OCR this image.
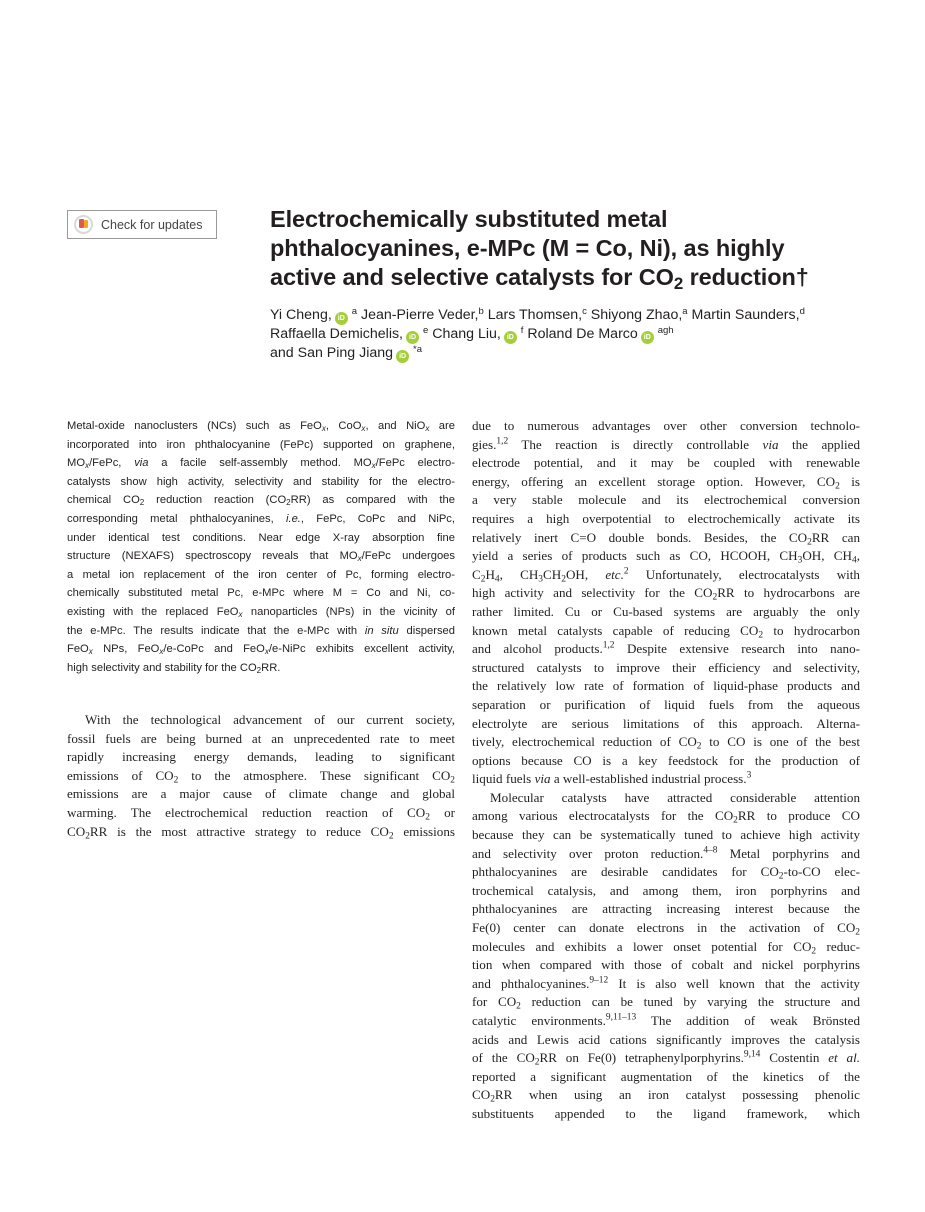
Check for updates	Electrochemically substituted metal
phthalocyanines, e-MPc (M = Co, Ni), as highly
active and selective catalysts for $CO_2$ reduction†
Yi Cheng, iD $^a$ Jean-Pierre Veder,$^b$ Lars Thomsen,$^c$ Shiyong Zhao,$^a$ Martin Saunders,$^d$
Raffaella Demichelis, iD $^e$ Chang Liu, iD $^f$ Roland De Marco iD $^{agh}$
and San Ping Jiang iD $^{*a}$
Metal-oxide nanoclusters (NCs) such as FeO$_x$, CoO$_x$, and NiO$_x$ are
incorporated into iron phthalocyanine (FePc) supported on graphene,
$MO_x$/FePc, via a facile self-assembly method. $MO_x$/FePc electro-
catalysts show high activity, selectivity and stability for the electro-
chemical $CO_2$ reduction reaction $(CO_2RR)$ as compared with the
corresponding metal phthalocyanines, i.e., FePc, CoPc and NiPc,
under identical test conditions. Near edge X-ray absorption fine
structure (NEXAFS) spectroscopy reveals that $MO_x$/FePc undergoes
a metal ion replacement of the iron center of Pc, forming electro-
chemically substituted metal Pc, e-MPc where M = Co and Ni, co-
existing with the replaced FeO$_x$ nanoparticles (NPs) in the vicinity of
the e-MPc. The results indicate that the e-MPc with in situ dispersed
FeO$_x$ NPs, FeO$_x$/e-CoPc and FeO$_x$/e-NiPc exhibits excellent activity,
high selectivity and stability for the $CO_2RR$.
With the technological advancement of our current society,
fossil fuels are being burned at an unprecedented rate to meet
rapidly increasing energy demands, leading to significant
emissions of $CO_2$ to the atmosphere. These significant $CO_2$
emissions are a major cause of climate change and global
warming. The electrochemical reduction reaction of $CO_2$ or
$CO_2RR$ is the most attractive strategy to reduce $CO_2$ emissions
due to numerous advantages over other conversion technolo-
gies.$^{1,2}$ The reaction is directly controllable via the applied
electrode potential, and it may be coupled with renewable
energy, offering an excellent storage option. However, $CO_2$ is
a very stable molecule and its electrochemical conversion
requires a high overpotential to electrochemically activate its
relatively inert C=O double bonds. Besides, the $CO_2RR$ can
yield a series of products such as CO, HCOOH, $CH_3OH$, $CH_4$,
$C_2H_4$, $CH_3CH_2OH$, etc.$^2$ Unfortunately, electrocatalysts with
high activity and selectivity for the $CO_2RR$ to hydrocarbons are
rather limited. Cu or Cu-based systems are arguably the only
known metal catalysts capable of reducing $CO_2$ to hydrocarbon
and alcohol products.$^{1,2}$ Despite extensive research into nano-
structured catalysts to improve their efficiency and selectivity,
the relatively low rate of formation of liquid-phase products and
separation or purification of liquid fuels from the aqueous
electrolyte are serious limitations of this approach. Alterna-
tively, electrochemical reduction of $CO_2$ to CO is one of the best
options because CO is a key feedstock for the production of
liquid fuels via a well-established industrial process.$^3$
Molecular catalysts have attracted considerable attention
among various electrocatalysts for the $CO_2RR$ to produce CO
because they can be systematically tuned to achieve high activity
and selectivity over proton reduction.$^{4-8}$ Metal porphyrins and
phthalocyanines are desirable candidates for $CO_2-to-CO$ elec-
trochemical catalysis, and among them, iron porphyrins and
phthalocyanines are attracting increasing interest because the
Fe(0) center can donate electrons in the activation of $CO_2$
molecules and exhibits a lower onset potential for $CO_2$ reduc-
tion when compared with those of cobalt and nickel porphyrins
and phthalocyanines.$^{9-12}$ It is also well known that the activity
for $CO_2$ reduction can be tuned by varying the structure and
catalytic environments.$^{9,11-13}$ The addition of weak Brönsted
acids and Lewis acid cations significantly improves the catalysis
of the $CO_2RR$ on Fe(0) tetraphenylporphyrins.$^{9,14}$ Costentin et al.
reported a significant augmentation of the kinetics of the
$CO_2RR$ when using an iron catalyst possessing phenolic
substituents appended to the ligand framework, which
